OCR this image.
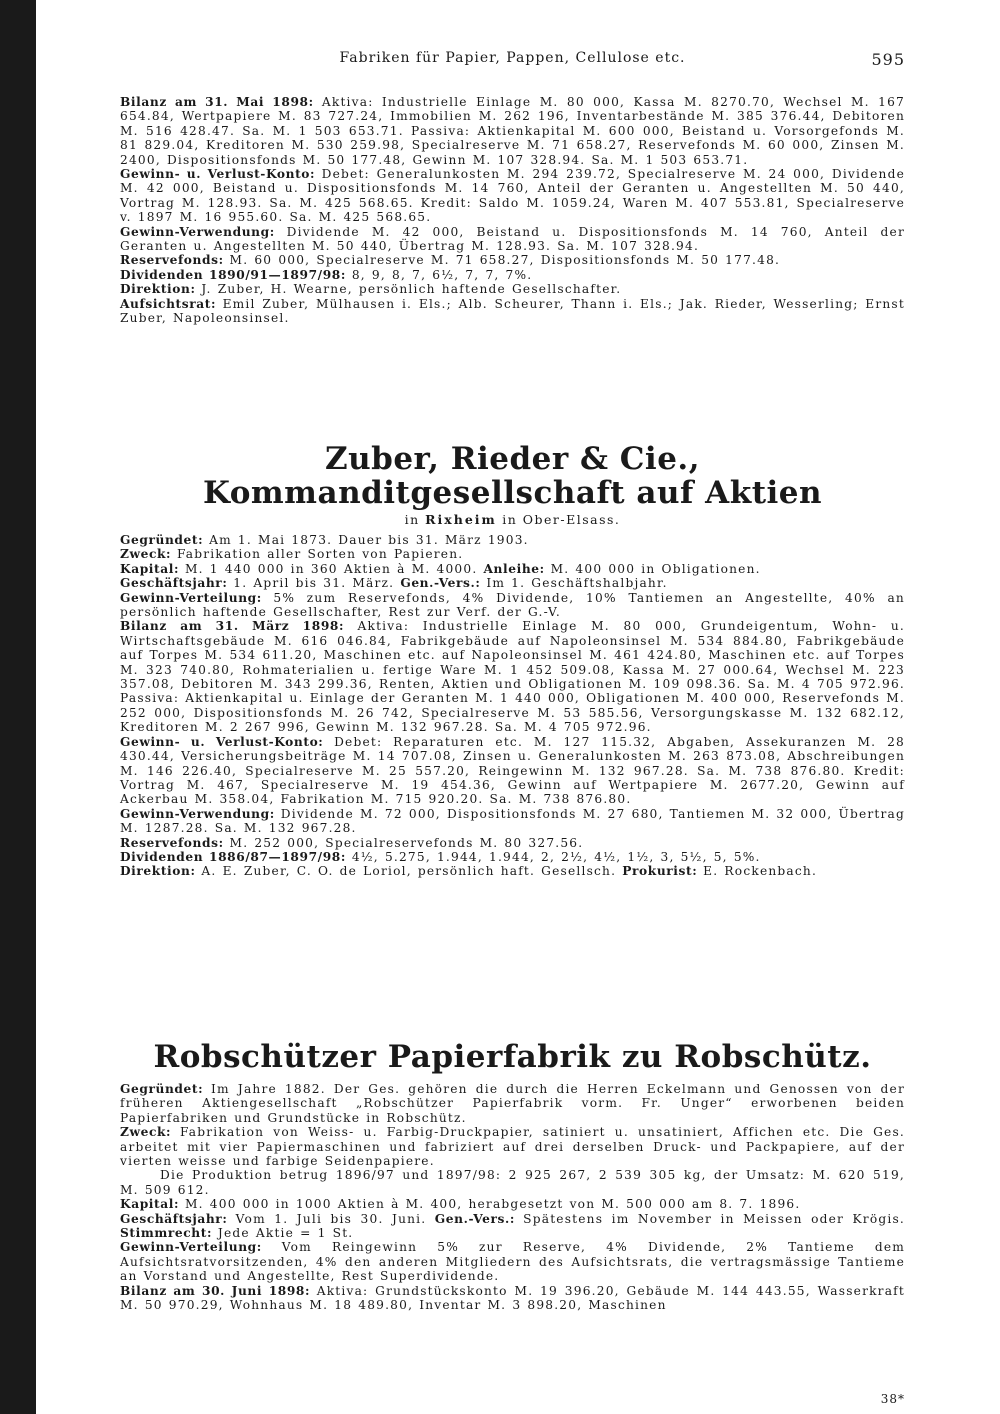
Fabriken für Papier, Pappen, Cellulose etc.	595

Bilanz am 31. Mai 1898: Aktiva: Industrielle Einlage M. 80 000, Kassa M. 8270.70, Wechsel M. 167 654.84, Wertpapiere M. 83 727.24, Immobilien M. 262 196, Inventarbestände M. 385 376.44, Debitoren M. 516 428.47. Sa. M. 1 503 653.71. Passiva: Aktienkapital M. 600 000, Beistand u. Vorsorgefonds M. 81 829.04, Kreditoren M. 530 259.98, Specialreserve M. 71 658.27, Reservefonds M. 60 000, Zinsen M. 2400, Dispositionsfonds M. 50 177.48, Gewinn M. 107 328.94. Sa. M. 1 503 653.71.

Gewinn- u. Verlust-Konto: Debet: Generalunkosten M. 294 239.72, Specialreserve M. 24 000, Dividende M. 42 000, Beistand u. Dispositionsfonds M. 14 760, Anteil der Geranten u. Angestellten M. 50 440, Vortrag M. 128.93. Sa. M. 425 568.65. Kredit: Saldo M. 1059.24, Waren M. 407 553.81, Specialreserve v. 1897 M. 16 955.60. Sa. M. 425 568.65.

Gewinn-Verwendung: Dividende M. 42 000, Beistand u. Dispositionsfonds M. 14 760, Anteil der Geranten u. Angestellten M. 50 440, Übertrag M. 128.93. Sa. M. 107 328.94.

Reservefonds: M. 60 000, Specialreserve M. 71 658.27, Dispositionsfonds M. 50 177.48.

Dividenden 1890/91—1897/98: 8, 9, 8, 7, 6½, 7, 7, 7%.

Direktion: J. Zuber, H. Wearne, persönlich haftende Gesellschafter.

Aufsichtsrat: Emil Zuber, Mülhausen i. Els.; Alb. Scheurer, Thann i. Els.; Jak. Rieder, Wesserling; Ernst Zuber, Napoleonsinsel.

Zuber, Rieder & Cie., Kommanditgesellschaft auf Aktien
in Rixheim in Ober-Elsass.

Gegründet: Am 1. Mai 1873. Dauer bis 31. März 1903.

Zweck: Fabrikation aller Sorten von Papieren.

Kapital: M. 1 440 000 in 360 Aktien à M. 4000. Anleihe: M. 400 000 in Obligationen.

Geschäftsjahr: 1. April bis 31. März. Gen.-Vers.: Im 1. Geschäftshalbjahr.

Gewinn-Verteilung: 5% zum Reservefonds, 4% Dividende, 10% Tantiemen an Angestellte, 40% an persönlich haftende Gesellschafter, Rest zur Verf. der G.-V.

Bilanz am 31. März 1898: Aktiva: Industrielle Einlage M. 80 000, Grundeigentum, Wohn- u. Wirtschaftsgebäude M. 616 046.84, Fabrikgebäude auf Napoleonsinsel M. 534 884.80, Fabrikgebäude auf Torpes M. 534 611.20, Maschinen etc. auf Napoleonsinsel M. 461 424.80, Maschinen etc. auf Torpes M. 323 740.80, Rohmaterialien u. fertige Ware M. 1 452 509.08, Kassa M. 27 000.64, Wechsel M. 223 357.08, Debitoren M. 343 299.36, Renten, Aktien und Obligationen M. 109 098.36. Sa. M. 4 705 972.96. Passiva: Aktienkapital u. Einlage der Geranten M. 1 440 000, Obligationen M. 400 000, Reservefonds M. 252 000, Dispositionsfonds M. 26 742, Specialreserve M. 53 585.56, Versorgungskasse M. 132 682.12, Kreditoren M. 2 267 996, Gewinn M. 132 967.28. Sa. M. 4 705 972.96.

Gewinn- u. Verlust-Konto: Debet: Reparaturen etc. M. 127 115.32, Abgaben, Assekuranzen M. 28 430.44, Versicherungsbeiträge M. 14 707.08, Zinsen u. Generalunkosten M. 263 873.08, Abschreibungen M. 146 226.40, Specialreserve M. 25 557.20, Reingewinn M. 132 967.28. Sa. M. 738 876.80. Kredit: Vortrag M. 467, Specialreserve M. 19 454.36, Gewinn auf Wertpapiere M. 2677.20, Gewinn auf Ackerbau M. 358.04, Fabrikation M. 715 920.20. Sa. M. 738 876.80.

Gewinn-Verwendung: Dividende M. 72 000, Dispositionsfonds M. 27 680, Tantiemen M. 32 000, Übertrag M. 1287.28. Sa. M. 132 967.28.

Reservefonds: M. 252 000, Specialreservefonds M. 80 327.56.

Dividenden 1886/87—1897/98: 4½, 5.275, 1.944, 1.944, 2, 2½, 4½, 1½, 3, 5½, 5, 5%.

Direktion: A. E. Zuber, C. O. de Loriol, persönlich haft. Gesellsch. Prokurist: E. Rockenbach.

Robschützer Papierfabrik zu Robschütz.

Gegründet: Im Jahre 1882. Der Ges. gehören die durch die Herren Eckelmann und Genossen von der früheren Aktiengesellschaft „Robschützer Papierfabrik vorm. Fr. Unger“ erworbenen beiden Papierfabriken und Grundstücke in Robschütz.

Zweck: Fabrikation von Weiss- u. Farbig-Druckpapier, satiniert u. unsatiniert, Affichen etc. Die Ges. arbeitet mit vier Papiermaschinen und fabriziert auf drei derselben Druck- und Packpapiere, auf der vierten weisse und farbige Seidenpapiere.

Die Produktion betrug 1896/97 und 1897/98: 2 925 267, 2 539 305 kg, der Umsatz: M. 620 519, M. 509 612.

Kapital: M. 400 000 in 1000 Aktien à M. 400, herabgesetzt von M. 500 000 am 8. 7. 1896.

Geschäftsjahr: Vom 1. Juli bis 30. Juni. Gen.-Vers.: Spätestens im November in Meissen oder Krögis. Stimmrecht: Jede Aktie = 1 St.

Gewinn-Verteilung: Vom Reingewinn 5% zur Reserve, 4% Dividende, 2% Tantieme dem Aufsichtsratvorsitzenden, 4% den anderen Mitgliedern des Aufsichtsrats, die vertragsmässige Tantieme an Vorstand und Angestellte, Rest Superdividende.

Bilanz am 30. Juni 1898: Aktiva: Grundstückskonto M. 19 396.20, Gebäude M. 144 443.55, Wasserkraft M. 50 970.29, Wohnhaus M. 18 489.80, Inventar M. 3 898.20, Maschinen

38*
